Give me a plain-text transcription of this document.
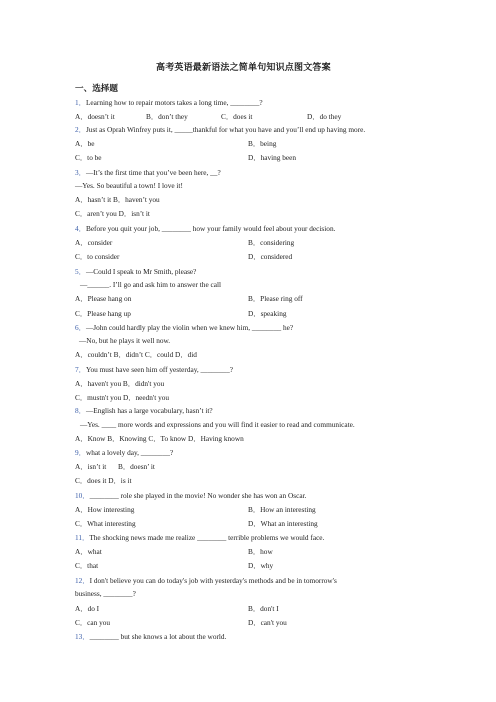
高考英语最新语法之简单句知识点图文答案
一、选择题
1．Learning how to repair motors takes a long time, ________?
A．doesn’t it	B．don’t they	C．does it	D．do they
2．Just as Oprah Winfrey puts it, _____thankful for what you have and you’ll end up having more.
A．be	B．being
C．to be	D．having been
3．—It’s the first time that you’ve been here, __?
—Yes. So beautiful a town! I love it!
A．hasn’t it B．haven’t you
C．aren’t you D．isn’t it
4．Before you quit your job, ________ how your family would feel about your decision.
A．consider	B．considering
C．to consider	D．considered
5．—Could I speak to Mr Smith, please?
—______. I’ll go and ask him to answer the call
A．Please hang on	B．Please ring off
C．Please hang up	D．speaking
6．—John could hardly play the violin when we knew him, ________ he?
—No, but he plays it well now.
A．couldn’t B．didn’t C．could D．did
7．You must have seen him off yesterday, ________?
A．haven't you B．didn't you
C．mustn't you D．needn't you
8．—English has a large vocabulary, hasn’t it?
—Yes. ____ more words and expressions and you will find it easier to read and communicate.
A．Know B．Knowing C．To know D．Having known
9．what a lovely day, ________?
A．isn’t it B．doesn’ it
C．does it D．is it
10．________ role she played in the movie! No wonder she has won an Oscar.
A．How interesting	B．How an interesting
C．What interesting	D．What an interesting
11．The shocking news made me realize ________ terrible problems we would face.
A．what	B．how
C．that	D．why
12．I don't believe you can do today's job with yesterday's methods and be in tomorrow's
business, ________?
A．do I	B．don't I
C．can you	D．can't you
13．________ but she knows a lot about the world.
